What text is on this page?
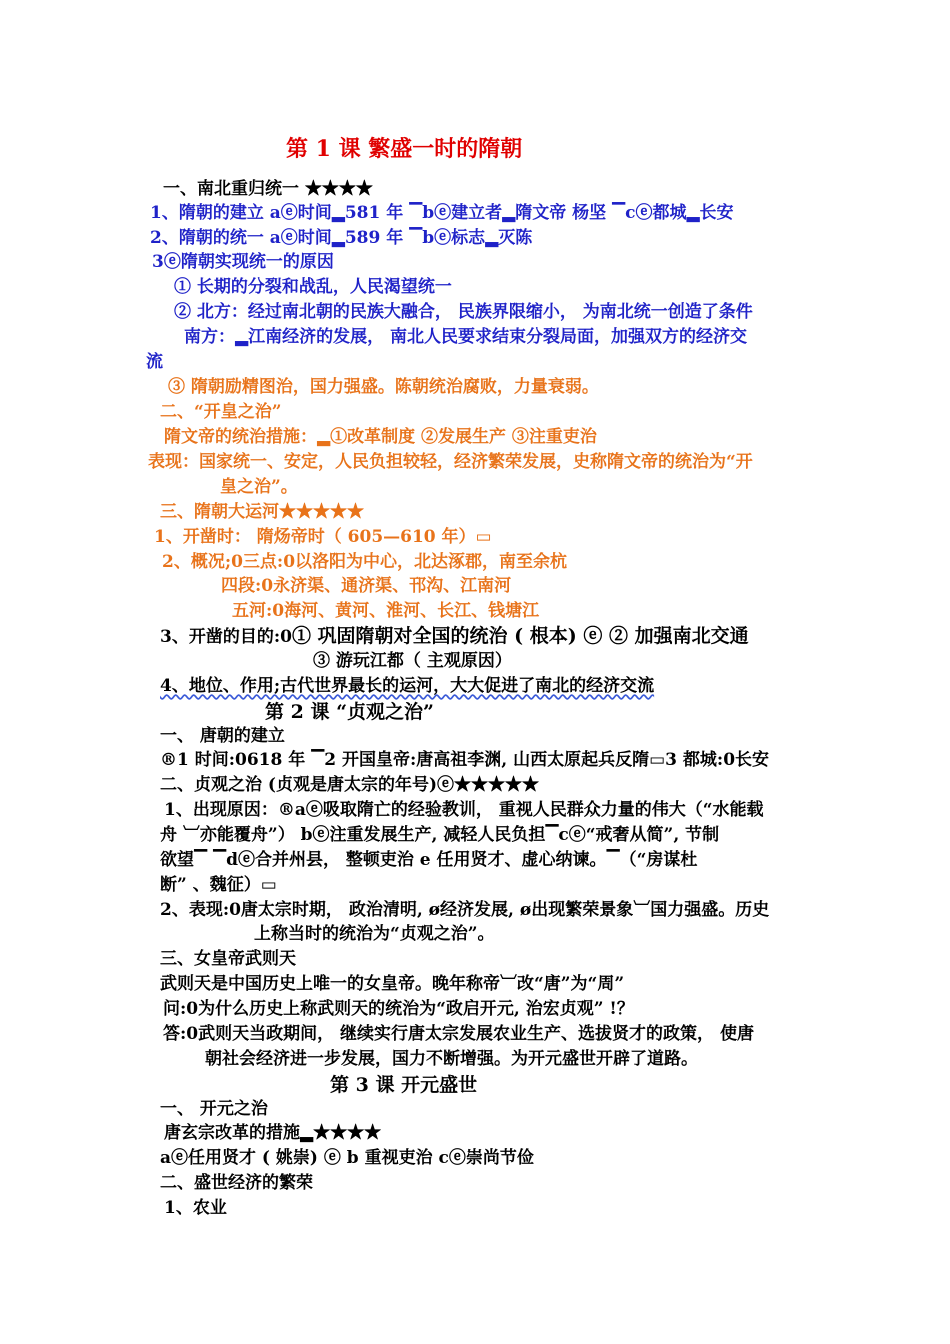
第 1 课 繁盛一时的隋朝
一、南北重归统一 ★★★★
1、隋朝的建立 aⓔ时间▂581 年 ▔bⓔ建立者▂隋文帝 杨坚 ▔cⓔ都城▂长安
2、隋朝的统一 aⓔ时间▂589 年 ▔bⓔ标志▂灭陈
3ⓔ隋朝实现统一的原因
① 长期的分裂和战乱，人民渴望统一
② 北方：经过南北朝的民族大融合， 民族界限缩小， 为南北统一创造了条件
南方：▂江南经济的发展， 南北人民要求结束分裂局面，加强双方的经济交
流
③ 隋朝励精图治，国力强盛。陈朝统治腐败，力量衰弱。
二、“开皇之治”
隋文帝的统治措施：▂①改革制度 ②发展生产 ③注重吏治
表现：国家统一、安定，人民负担较轻，经济繁荣发展，史称隋文帝的统治为“开
皇之治”。
三、隋朝大运河★★★★★
1、开凿时： 隋炀帝时（ 605—610 年）▭
2、概况;0三点:0以洛阳为中心，北达涿郡，南至余杭
四段:0永济渠、通济渠、邗沟、江南河
五河:0海河、黄河、淮河、长江、钱塘江
3、开凿的目的:0① 巩固隋朝对全国的统治 ( 根本) ⓔ ② 加强南北交通
③ 游玩江都（ 主观原因）
4、地位、作用;古代世界最长的运河，大大促进了南北的经济交流
第 2 课 “贞观之治”
一、 唐朝的建立
®1 时间:0618 年 ▔2 开国皇帝:唐高祖李渊, 山西太原起兵反隋▭3 都城:0长安
二、贞观之治 (贞观是唐太宗的年号)ⓔ★★★★★
1、出现原因：®aⓔ吸取隋亡的经验教训， 重视人民群众力量的伟大（“水能载
舟 ︺亦能覆舟”） bⓔ注重发展生产, 减轻人民负担▔cⓔ“戒奢从简”, 节制
欲望▔ ▔dⓔ合并州县， 整顿吏治 e 任用贤才、虚心纳谏。▔（“房谋杜
断” 、魏征）▭
2、表现:0唐太宗时期， 政治清明, ø经济发展, ø出现繁荣景象︺国力强盛。历史
上称当时的统治为“贞观之治”。
三、女皇帝武则天
武则天是中国历史上唯一的女皇帝。晚年称帝︺改“唐”为“周”
问:0为什么历史上称武则天的统治为“政启开元, 治宏贞观” !？
答:0武则天当政期间， 继续实行唐太宗发展农业生产、选拔贤才的政策， 使唐
朝社会经济进一步发展，国力不断增强。为开元盛世开辟了道路。
第 3 课 开元盛世
一、 开元之治
唐玄宗改革的措施▂★★★★
aⓔ任用贤才 ( 姚崇) ⓔ b 重视吏治 cⓔ崇尚节俭
二、盛世经济的繁荣
1、农业
